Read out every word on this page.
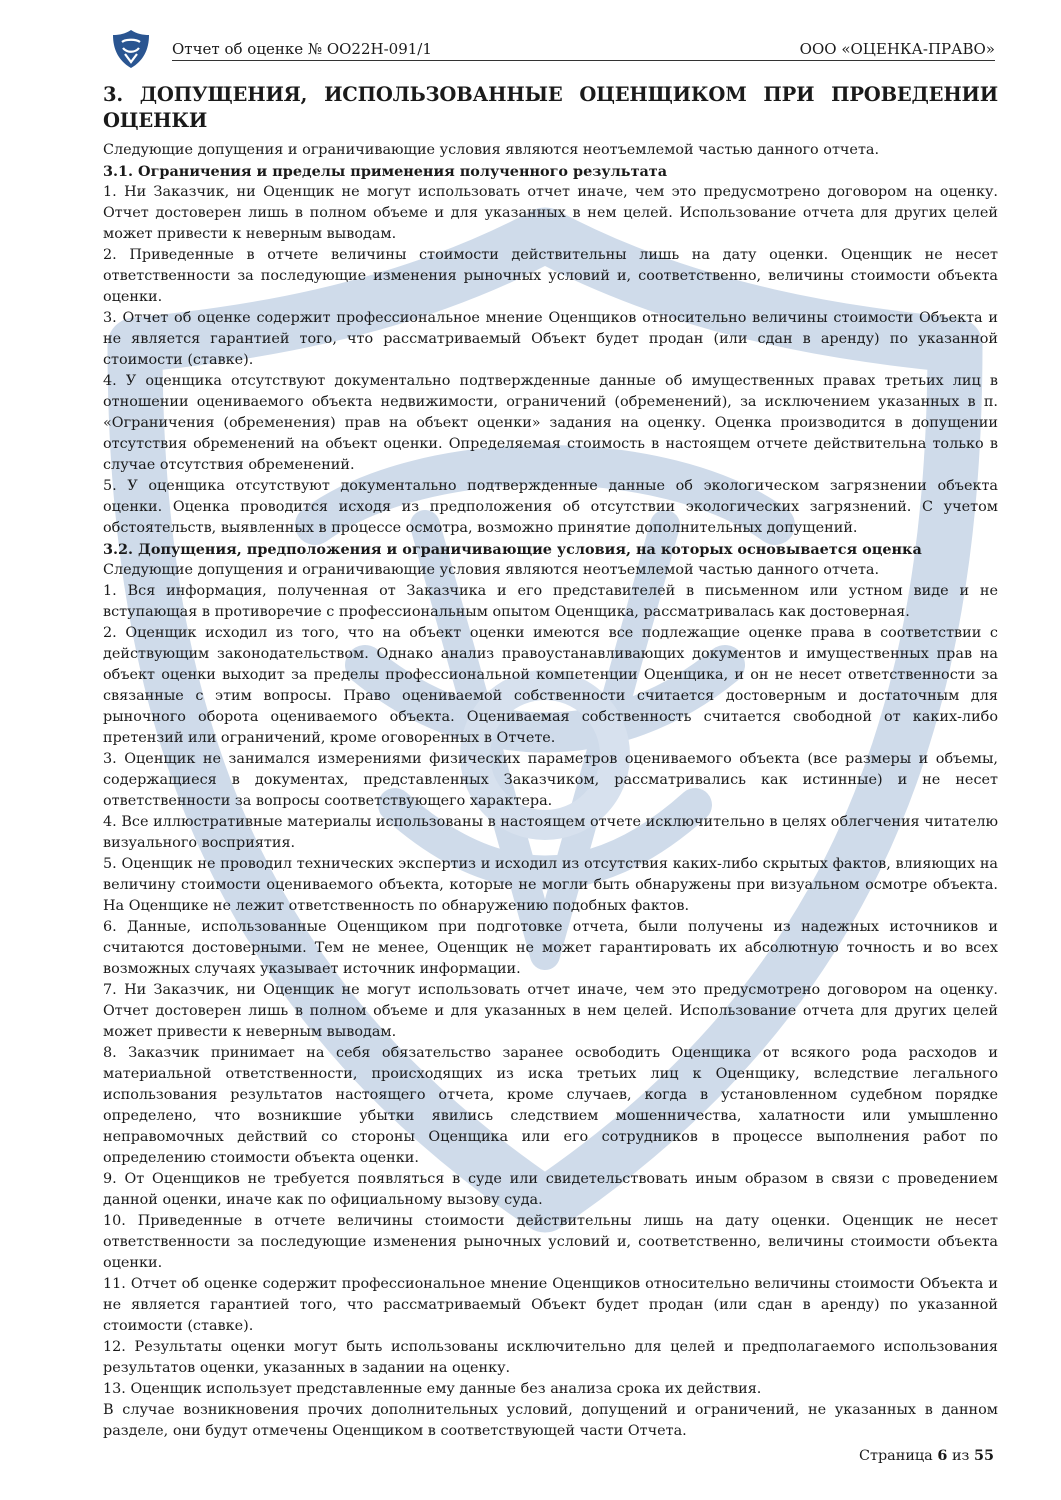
Отчет об оценке № ОО22Н-091/1	ООО «ОЦЕНКА-ПРАВО»
3. ДОПУЩЕНИЯ, ИСПОЛЬЗОВАННЫЕ ОЦЕНЩИКОМ ПРИ ПРОВЕДЕНИИ ОЦЕНКИ

Следующие допущения и ограничивающие условия являются неотъемлемой частью данного отчета.

3.1. Ограничения и пределы применения полученного результата

1. Ни Заказчик, ни Оценщик не могут использовать отчет иначе, чем это предусмотрено договором на оценку. Отчет достоверен лишь в полном объеме и для указанных в нем целей. Использование отчета для других целей может привести к неверным выводам.

2. Приведенные в отчете величины стоимости действительны лишь на дату оценки. Оценщик не несет ответственности за последующие изменения рыночных условий и, соответственно, величины стоимости объекта оценки.

3. Отчет об оценке содержит профессиональное мнение Оценщиков относительно величины стоимости Объекта и не является гарантией того, что рассматриваемый Объект будет продан (или сдан в аренду) по указанной стоимости (ставке).

4. У оценщика отсутствуют документально подтвержденные данные об имущественных правах третьих лиц в отношении оцениваемого объекта недвижимости, ограничений (обременений), за исключением указанных в п. «Ограничения (обременения) прав на объект оценки» задания на оценку. Оценка производится в допущении отсутствия обременений на объект оценки. Определяемая стоимость в настоящем отчете действительна только в случае отсутствия обременений.

5. У оценщика отсутствуют документально подтвержденные данные об экологическом загрязнении объекта оценки. Оценка проводится исходя из предположения об отсутствии экологических загрязнений. С учетом обстоятельств, выявленных в процессе осмотра, возможно принятие дополнительных допущений.

3.2. Допущения, предположения и ограничивающие условия, на которых основывается оценка

Следующие допущения и ограничивающие условия являются неотъемлемой частью данного отчета.

1. Вся информация, полученная от Заказчика и его представителей в письменном или устном виде и не вступающая в противоречие с профессиональным опытом Оценщика, рассматривалась как достоверная.

2. Оценщик исходил из того, что на объект оценки имеются все подлежащие оценке права в соответствии с действующим законодательством. Однако анализ правоустанавливающих документов и имущественных прав на объект оценки выходит за пределы профессиональной компетенции Оценщика, и он не несет ответственности за связанные с этим вопросы. Право оцениваемой собственности считается достоверным и достаточным для рыночного оборота оцениваемого объекта. Оцениваемая собственность считается свободной от каких-либо претензий или ограничений, кроме оговоренных в Отчете.

3. Оценщик не занимался измерениями физических параметров оцениваемого объекта (все размеры и объемы, содержащиеся в документах, представленных Заказчиком, рассматривались как истинные) и не несет ответственности за вопросы соответствующего характера.

4. Все иллюстративные материалы использованы в настоящем отчете исключительно в целях облегчения читателю визуального восприятия.

5. Оценщик не проводил технических экспертиз и исходил из отсутствия каких-либо скрытых фактов, влияющих на величину стоимости оцениваемого объекта, которые не могли быть обнаружены при визуальном осмотре объекта. На Оценщике не лежит ответственность по обнаружению подобных фактов.

6. Данные, использованные Оценщиком при подготовке отчета, были получены из надежных источников и считаются достоверными. Тем не менее, Оценщик не может гарантировать их абсолютную точность и во всех возможных случаях указывает источник информации.

7. Ни Заказчик, ни Оценщик не могут использовать отчет иначе, чем это предусмотрено договором на оценку. Отчет достоверен лишь в полном объеме и для указанных в нем целей. Использование отчета для других целей может привести к неверным выводам.

8. Заказчик принимает на себя обязательство заранее освободить Оценщика от всякого рода расходов и материальной ответственности, происходящих из иска третьих лиц к Оценщику, вследствие легального использования результатов настоящего отчета, кроме случаев, когда в установленном судебном порядке определено, что возникшие убытки явились следствием мошенничества, халатности или умышленно неправомочных действий со стороны Оценщика или его сотрудников в процессе выполнения работ по определению стоимости объекта оценки.

9. От Оценщиков не требуется появляться в суде или свидетельствовать иным образом в связи с проведением данной оценки, иначе как по официальному вызову суда.

10. Приведенные в отчете величины стоимости действительны лишь на дату оценки. Оценщик не несет ответственности за последующие изменения рыночных условий и, соответственно, величины стоимости объекта оценки.

11. Отчет об оценке содержит профессиональное мнение Оценщиков относительно величины стоимости Объекта и не является гарантией того, что рассматриваемый Объект будет продан (или сдан в аренду) по указанной стоимости (ставке).

12. Результаты оценки могут быть использованы исключительно для целей и предполагаемого использования результатов оценки, указанных в задании на оценку.

13. Оценщик использует представленные ему данные без анализа срока их действия.

В случае возникновения прочих дополнительных условий, допущений и ограничений, не указанных в данном разделе, они будут отмечены Оценщиком в соответствующей части Отчета.

Страница 6 из 55
